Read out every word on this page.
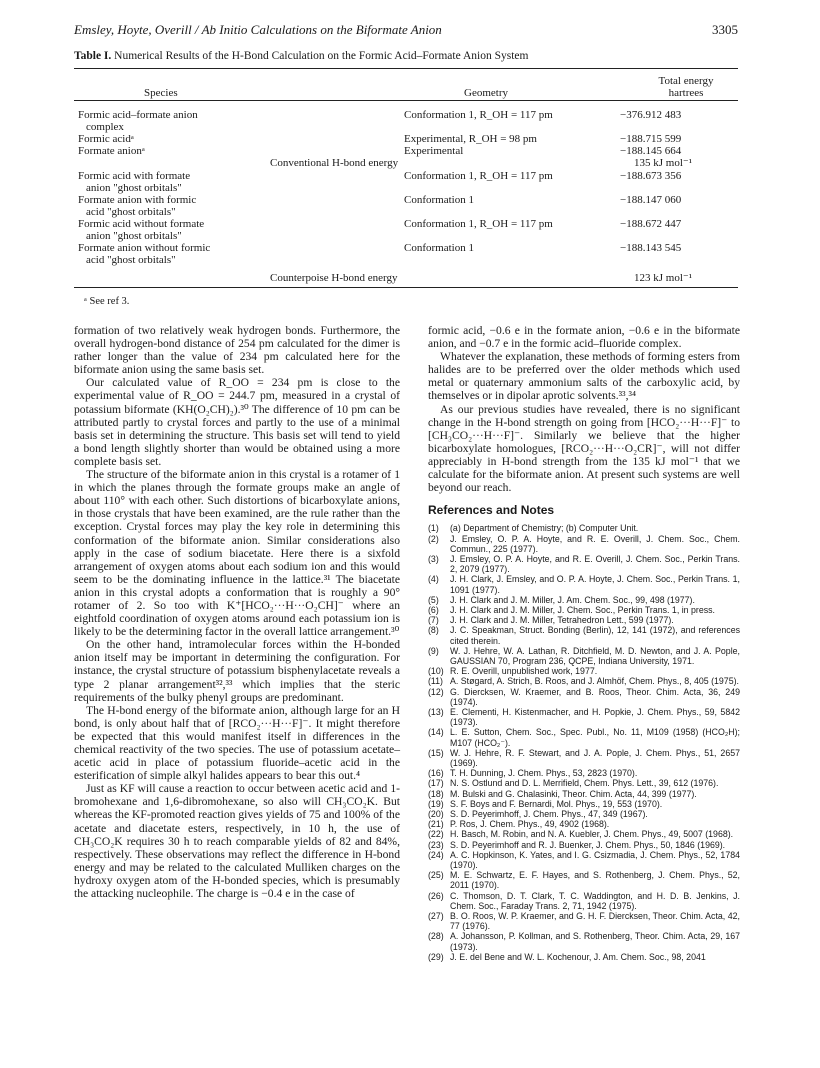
Emsley, Hoyte, Overill / Ab Initio Calculations on the Biformate Anion	3305
Table I. Numerical Results of the H-Bond Calculation on the Formic Acid–Formate Anion System
Species	Geometry
Total energy
hartrees
Formic acid–formate anion
complex
Conformation 1, R_OH = 117 pm	−376.912 483
Formic acidᵃ	Experimental, R_OH = 98 pm	−188.715 599
Formate anionᵃ	Experimental	−188.145 664
Conventional H-bond energy	135 kJ mol⁻¹
Formic acid with formate
anion "ghost orbitals"
Conformation 1, R_OH = 117 pm	−188.673 356
Formate anion with formic
acid "ghost orbitals"
Conformation 1	−188.147 060
Formic acid without formate
anion "ghost orbitals"
Conformation 1, R_OH = 117 pm	−188.672 447
Formate anion without formic
acid "ghost orbitals"
Conformation 1	−188.143 545
Counterpoise H-bond energy	123 kJ mol⁻¹
ᵃ See ref 3.

formation of two relatively weak hydrogen bonds. Furthermore, the overall hydrogen-bond distance of 254 pm calculated for the dimer is rather longer than the value of 234 pm calculated here for the biformate anion using the same basis set.

Our calculated value of R_OO = 234 pm is close to the experimental value of R_OO = 244.7 pm, measured in a crystal of potassium biformate (KH(O₂CH)₂).³⁰ The difference of 10 pm can be attributed partly to crystal forces and partly to the use of a minimal basis set in determining the structure. This basis set will tend to yield a bond length slightly shorter than would be obtained using a more complete basis set.

The structure of the biformate anion in this crystal is a rotamer of 1 in which the planes through the formate groups make an angle of about 110° with each other. Such distortions of bicarboxylate anions, in those crystals that have been examined, are the rule rather than the exception. Crystal forces may play the key role in determining this conformation of the biformate anion. Similar considerations also apply in the case of sodium biacetate. Here there is a sixfold arrangement of oxygen atoms about each sodium ion and this would seem to be the dominating influence in the lattice.³¹ The biacetate anion in this crystal adopts a conformation that is roughly a 90° rotamer of 2. So too with K⁺[HCO₂···H···O₂CH]⁻ where an eightfold coordination of oxygen atoms around each potassium ion is likely to be the determining factor in the overall lattice arrangement.³⁰

On the other hand, intramolecular forces within the H-bonded anion itself may be important in determining the configuration. For instance, the crystal structure of potassium bisphenylacetate reveals a type 2 planar arrangement³²,³³ which implies that the steric requirements of the bulky phenyl groups are predominant.

The H-bond energy of the biformate anion, although large for an H bond, is only about half that of [RCO₂···H···F]⁻. It might therefore be expected that this would manifest itself in differences in the chemical reactivity of the two species. The use of potassium acetate–acetic acid in place of potassium fluoride–acetic acid in the esterification of simple alkyl halides appears to bear this out.⁴

Just as KF will cause a reaction to occur between acetic acid and 1-bromohexane and 1,6-dibromohexane, so also will CH₃CO₂K. But whereas the KF-promoted reaction gives yields of 75 and 100% of the acetate and diacetate esters, respectively, in 10 h, the use of CH₃CO₂K requires 30 h to reach comparable yields of 82 and 84%, respectively. These observations may reflect the difference in H-bond energy and may be related to the calculated Mulliken charges on the hydroxy oxygen atom of the H-bonded species, which is presumably the attacking nucleophile. The charge is −0.4 e in the case of

formic acid, −0.6 e in the formate anion, −0.6 e in the biformate anion, and −0.7 e in the formic acid–fluoride complex.

Whatever the explanation, these methods of forming esters from halides are to be preferred over the older methods which used metal or quaternary ammonium salts of the carboxylic acid, by themselves or in dipolar aprotic solvents.³³,³⁴

As our previous studies have revealed, there is no significant change in the H-bond strength on going from [HCO₂···H···F]⁻ to [CH₃CO₂···H···F]⁻. Similarly we believe that the higher bicarboxylate homologues, [RCO₂···H···O₂CR]⁻, will not differ appreciably in H-bond strength from the 135 kJ mol⁻¹ that we calculate for the biformate anion. At present such systems are well beyond our reach.

References and Notes
(1)	(a) Department of Chemistry; (b) Computer Unit.
(2)	J. Emsley, O. P. A. Hoyte, and R. E. Overill, J. Chem. Soc., Chem. Commun., 225 (1977).
(3)	J. Emsley, O. P. A. Hoyte, and R. E. Overill, J. Chem. Soc., Perkin Trans. 2, 2079 (1977).
(4)	J. H. Clark, J. Emsley, and O. P. A. Hoyte, J. Chem. Soc., Perkin Trans. 1, 1091 (1977).
(5)	J. H. Clark and J. M. Miller, J. Am. Chem. Soc., 99, 498 (1977).
(6)	J. H. Clark and J. M. Miller, J. Chem. Soc., Perkin Trans. 1, in press.
(7)	J. H. Clark and J. M. Miller, Tetrahedron Lett., 599 (1977).
(8)	J. C. Speakman, Struct. Bonding (Berlin), 12, 141 (1972), and references cited therein.
(9)	W. J. Hehre, W. A. Lathan, R. Ditchfield, M. D. Newton, and J. A. Pople, GAUSSIAN 70, Program 236, QCPE, Indiana University, 1971.
(10) R. E. Overill, unpublished work, 1977.
(11) A. Støgard, A. Strich, B. Roos, and J. Almhöf, Chem. Phys., 8, 405 (1975).
(12) G. Diercksen, W. Kraemer, and B. Roos, Theor. Chim. Acta, 36, 249 (1974).
(13) E. Clementi, H. Kistenmacher, and H. Popkie, J. Chem. Phys., 59, 5842 (1973).
(14) L. E. Sutton, Chem. Soc., Spec. Publ., No. 11, M109 (1958) (HCO₂H); M107 (HCO₂⁻).
(15) W. J. Hehre, R. F. Stewart, and J. A. Pople, J. Chem. Phys., 51, 2657 (1969).
(16) T. H. Dunning, J. Chem. Phys., 53, 2823 (1970).
(17) N. S. Ostlund and D. L. Merrifield, Chem. Phys. Lett., 39, 612 (1976).
(18) M. Bulski and G. Chalasinki, Theor. Chim. Acta, 44, 399 (1977).
(19) S. F. Boys and F. Bernardi, Mol. Phys., 19, 553 (1970).
(20) S. D. Peyerimhoff, J. Chem. Phys., 47, 349 (1967).
(21) P. Ros, J. Chem. Phys., 49, 4902 (1968).
(22) H. Basch, M. Robin, and N. A. Kuebler, J. Chem. Phys., 49, 5007 (1968).
(23) S. D. Peyerimhoff and R. J. Buenker, J. Chem. Phys., 50, 1846 (1969).
(24) A. C. Hopkinson, K. Yates, and I. G. Csizmadia, J. Chem. Phys., 52, 1784 (1970).
(25) M. E. Schwartz, E. F. Hayes, and S. Rothenberg, J. Chem. Phys., 52, 2011 (1970).
(26) C. Thomson, D. T. Clark, T. C. Waddington, and H. D. B. Jenkins, J. Chem. Soc., Faraday Trans. 2, 71, 1942 (1975).
(27) B. O. Roos, W. P. Kraemer, and G. H. F. Diercksen, Theor. Chim. Acta, 42, 77 (1976).
(28) A. Johansson, P. Kollman, and S. Rothenberg, Theor. Chim. Acta, 29, 167 (1973).
(29) J. E. del Bene and W. L. Kochenour, J. Am. Chem. Soc., 98, 2041
